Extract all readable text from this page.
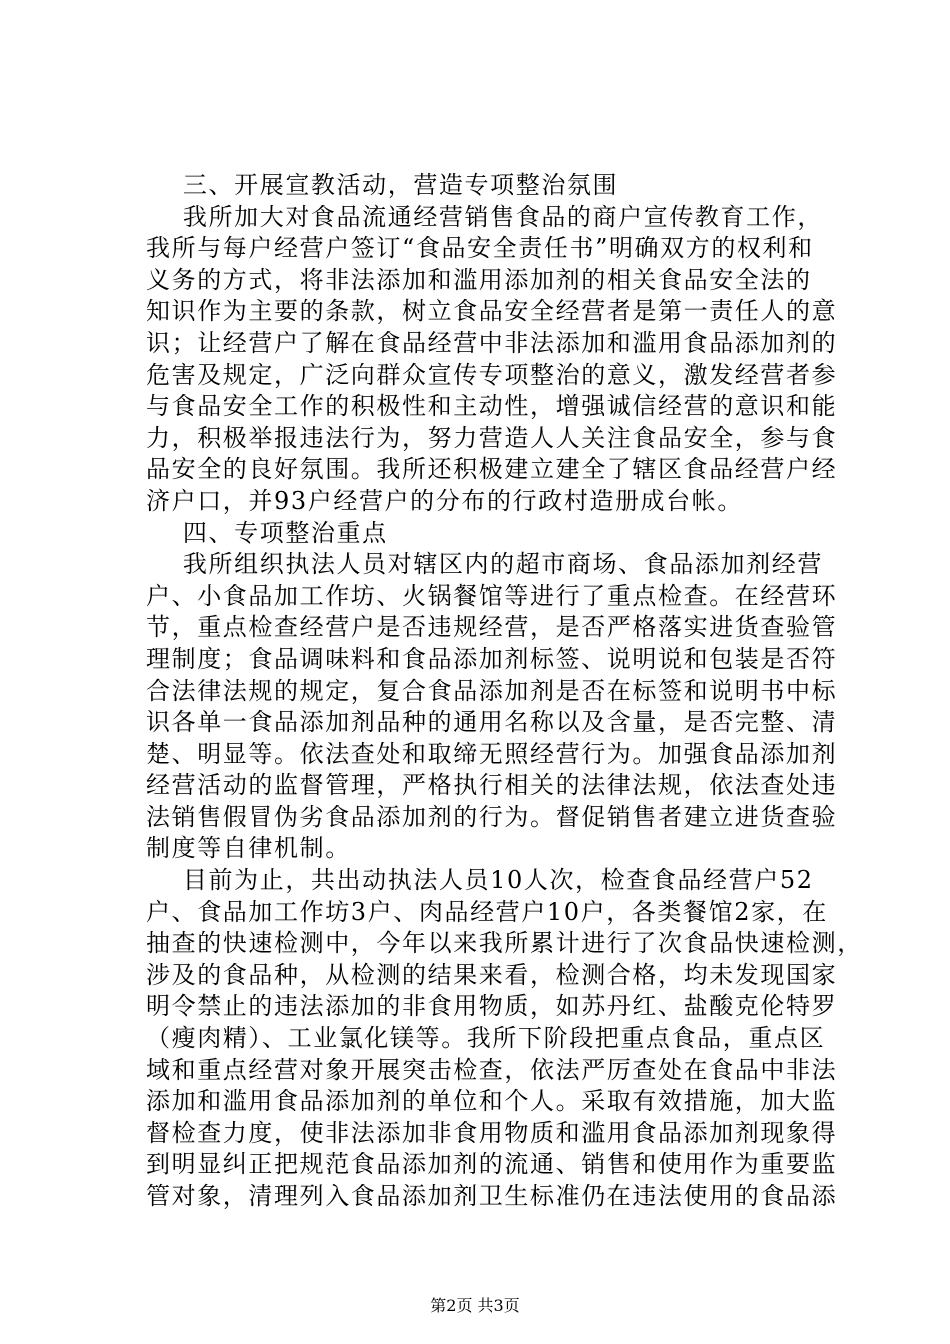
三、开展宣教活动，营造专项整治氛围
我所加大对食品流通经营销售食品的商户宣传教育工作，
我所与每户经营户签订“食品安全责任书”明确双方的权利和
义务的方式，将非法添加和滥用添加剂的相关食品安全法的
知识作为主要的条款，树立食品安全经营者是第一责任人的意
识；让经营户了解在食品经营中非法添加和滥用食品添加剂的
危害及规定，广泛向群众宣传专项整治的意义，激发经营者参
与食品安全工作的积极性和主动性，增强诚信经营的意识和能
力，积极举报违法行为，努力营造人人关注食品安全，参与食
品安全的良好氛围。我所还积极建立建全了辖区食品经营户经
济户口，并93户经营户的分布的行政村造册成台帐。
四、专项整治重点
我所组织执法人员对辖区内的超市商场、食品添加剂经营
户、小食品加工作坊、火锅餐馆等进行了重点检查。在经营环
节，重点检查经营户是否违规经营，是否严格落实进货查验管
理制度；食品调味料和食品添加剂标签、说明说和包装是否符
合法律法规的规定，复合食品添加剂是否在标签和说明书中标
识各单一食品添加剂品种的通用名称以及含量，是否完整、清
楚、明显等。依法查处和取缔无照经营行为。加强食品添加剂
经营活动的监督管理，严格执行相关的法律法规，依法查处违
法销售假冒伪劣食品添加剂的行为。督促销售者建立进货查验
制度等自律机制。
目前为止，共出动执法人员10人次，检查食品经营户52
户、食品加工作坊3户、肉品经营户10户，各类餐馆2家，在
抽查的快速检测中，今年以来我所累计进行了次食品快速检测，
涉及的食品种，从检测的结果来看，检测合格，均未发现国家
明令禁止的违法添加的非食用物质，如苏丹红、盐酸克伦特罗
（瘦肉精）、工业氯化镁等。我所下阶段把重点食品，重点区
域和重点经营对象开展突击检查，依法严厉查处在食品中非法
添加和滥用食品添加剂的单位和个人。采取有效措施，加大监
督检查力度，使非法添加非食用物质和滥用食品添加剂现象得
到明显纠正把规范食品添加剂的流通、销售和使用作为重要监
管对象，清理列入食品添加剂卫生标准仍在违法使用的食品添
第2页 共3页
